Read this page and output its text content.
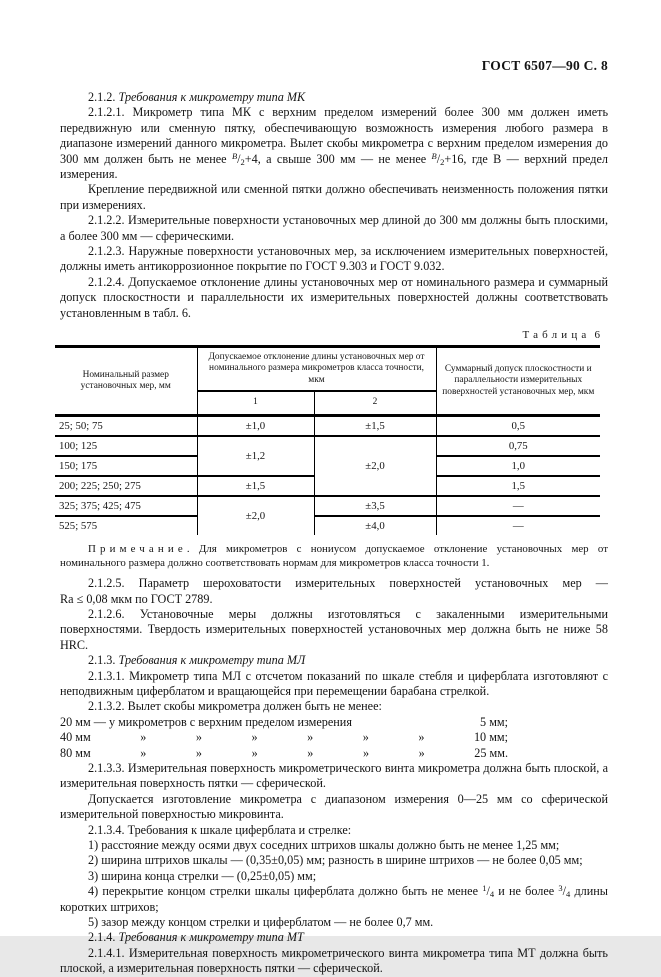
ГОСТ 6507—90 С. 8

2.1.2. Требования к микрометру типа МК

2.1.2.1. Микрометр типа МК с верхним пределом измерений более 300 мм должен иметь передвижную или сменную пятку, обеспечивающую возможность измерения любого размера в диапазоне измерений данного микрометра. Вылет скобы микрометра с верхним пределом измерения до 300 мм должен быть не менее $^В/_2+4$, а свыше 300 мм — не менее $^В/_2+16$, где В — верхний предел измерения.

Крепление передвижной или сменной пятки должно обеспечивать неизменность положения пятки при измерениях.

2.1.2.2. Измерительные поверхности установочных мер длиной до 300 мм должны быть плоскими, а более 300 мм — сферическими.

2.1.2.3. Наружные поверхности установочных мер, за исключением измерительных поверхностей, должны иметь антикоррозионное покрытие по ГОСТ 9.303 и ГОСТ 9.032.

2.1.2.4. Допускаемое отклонение длины установочных мер от номинального размера и суммарный допуск плоскостности и параллельности их измерительных поверхностей должны соответствовать установленным в табл. 6.

Таблица 6
Номинальный размер установочных мер, мм	Допускаемое отклонение длины установочных мер от номинального размера микрометров класса точности, мкм		Суммарный допуск плоскостности и параллельности измерительных поверхностей установочных мер, мкм
	1	2	
25; 50; 75	±1,0	±1,5	0,5
100; 125	±1,2	±2,0	0,75
150; 175			1,0
200; 225; 250; 275	±1,5		1,5
325; 375; 425; 475	±2,0	±3,5	—
525; 575		±4,0	—

Примечание. Для микрометров с нониусом допускаемое отклонение установочных мер от номинального размера должно соответствовать нормам для микрометров класса точности 1.

2.1.2.5. Параметр шероховатости измерительных поверхностей установочных мер —
Ra ≤ 0,08 мкм по ГОСТ 2789.

2.1.2.6. Установочные меры должны изготовляться с закаленными измерительными поверхностями. Твердость измерительных поверхностей установочных мер должна быть не ниже 58 HRC.

2.1.3. Требования к микрометру типа МЛ

2.1.3.1. Микрометр типа МЛ с отсчетом показаний по шкале стебля и циферблата изготовляют с неподвижным циферблатом и вращающейся при перемещении барабана стрелкой.

2.1.3.2. Вылет скобы микрометра должен быть не менее:

20 мм — у микрометров с верхним пределом измерения	5 мм;
40 мм	»	»	»	»	»	»	10 мм;
80 мм	»	»	»	»	»	»	25 мм.

2.1.3.3. Измерительная поверхность микрометрического винта микрометра должна быть плоской, а измерительная поверхность пятки — сферической.

Допускается изготовление микрометра с диапазоном измерения 0—25 мм со сферической измерительной поверхностью микровинта.

2.1.3.4. Требования к шкале циферблата и стрелке:

1) расстояние между осями двух соседних штрихов шкалы должно быть не менее 1,25 мм;

2) ширина штрихов шкалы — (0,35±0,05) мм; разность в ширине штрихов — не более 0,05 мм;

3) ширина конца стрелки — (0,25±0,05) мм;

4) перекрытие концом стрелки шкалы циферблата должно быть не менее $^1/_4$ и не более $^3/_4$ длины коротких штрихов;

5) зазор между концом стрелки и циферблатом — не более 0,7 мм.

2.1.4. Требования к микрометру типа МТ

2.1.4.1. Измерительная поверхность микрометрического винта микрометра типа МТ должна быть плоской, а измерительная поверхность пятки — сферической.
